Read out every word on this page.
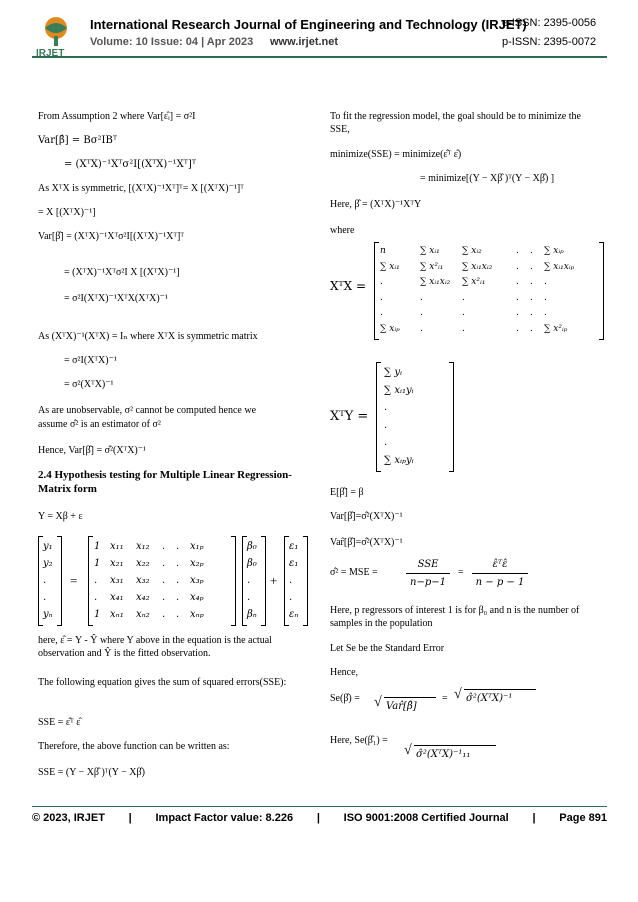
IRJET
International Research Journal of Engineering and Technology (IRJET)
e-ISSN: 2395-0056
Volume: 10 Issue: 04 | Apr 2023 www.irjet.net	p-ISSN: 2395-0072
From Assumption 2 where Var[ε̂ᵢ] = σ²I
Var[β̂] = Bσ²IBᵀ
= (XᵀX)⁻¹Xᵀσ²I[(XᵀX)⁻¹Xᵀ]ᵀ
As XᵀX is symmetric, [(XᵀX)⁻¹Xᵀ]ᵀ= X [(XᵀX)⁻¹]ᵀ
= X [(XᵀX)⁻¹]
Var[β̂] = (XᵀX)⁻¹Xᵀσ²I[(XᵀX)⁻¹Xᵀ]ᵀ
= (XᵀX)⁻¹Xᵀσ²I X [(XᵀX)⁻¹]
= σ²I(XᵀX)⁻¹XᵀX(XᵀX)⁻¹
As (XᵀX)⁻¹(XᵀX) = Iₙ where XᵀX is symmetric matrix
= σ²I(XᵀX)⁻¹
= σ²(XᵀX)⁻¹
As are unobservable, σ² cannot be computed hence we
assume σ̂² is an estimator of σ²
Hence, Var[β̂] = σ̂²(XᵀX)⁻¹
2.4 Hypothesis testing for Multiple Linear Regression- Matrix form
Y = Xβ + ε
y₁
y₂
.
.
yₙ
=
1 x₁₁ x₁₂ . . x₁ₚ
1 x₂₁ x₂₂ . . x₂ₚ
. x₃₁ x₃₂ . . x₃ₚ
. x₄₁ x₄₂ . . x₄ₚ
1 xₙ₁ xₙ₂ . . xₙₚ
β₀
β₀
.
.
βₙ
+
ε₁
ε₁
.
.
εₙ
here, ε̂ = Y - Ŷ where Y above in the equation is the actual observation and Ŷ is the fitted observation.
The following equation gives the sum of squared errors(SSE):
SSE = ε̂ᵀ ε̂
Therefore, the above function can be written as:
SSE = (Y − Xβ̂ )ᵀ(Y − Xβ̂)
To fit the regression model, the goal should be to minimize the SSE,
minimize(SSE) = minimize(ε̂ᵀ ε̂)
= minimize[(Y − Xβ̂ )ᵀ(Y − Xβ̂) ]
Here, β̂ = (XᵀX)⁻¹XᵀY
where
XᵀX =
n	∑ xᵢ₁ ∑ xᵢ₂	. . ∑ xᵢₚ
∑ xᵢ₁ ∑ x²ᵢ₁ ∑ xᵢ₁xᵢ₂	. . ∑ xᵢ₁xᵢₚ
.	∑ xᵢ₁xᵢ₂ ∑ x²ᵢ₁	. . .
.	.	.	. . .
.	.	.	. . .
∑ xᵢₚ .	.	. . ∑ x²ᵢₚ
XᵀY =
∑ yᵢ
∑ xᵢ₁yᵢ
.
.
.
∑ xᵢₚyᵢ
E[β̂] = β
Var[β̂]=σ̂²(XᵀX)⁻¹
Var̂[β̂]=σ̂²(XᵀX)⁻¹
σ̂² = MSE =
SSE
n−p−1
=
ε̂ᵀε̂
n − p − 1
Here, p regressors of interest 1 is for β₀ and n is the number of samples in the population
Let Se be the Standard Error
Hence,
Se(β̂) = √ Var̂[β̂]
= √ σ̂²(XᵀX)⁻¹
Here, Se(β̂₁) =
√ σ̂²(XᵀX)⁻¹₁₁
© 2023, IRJET | Impact Factor value: 8.226 | ISO 9001:2008 Certified Journal | Page 891
